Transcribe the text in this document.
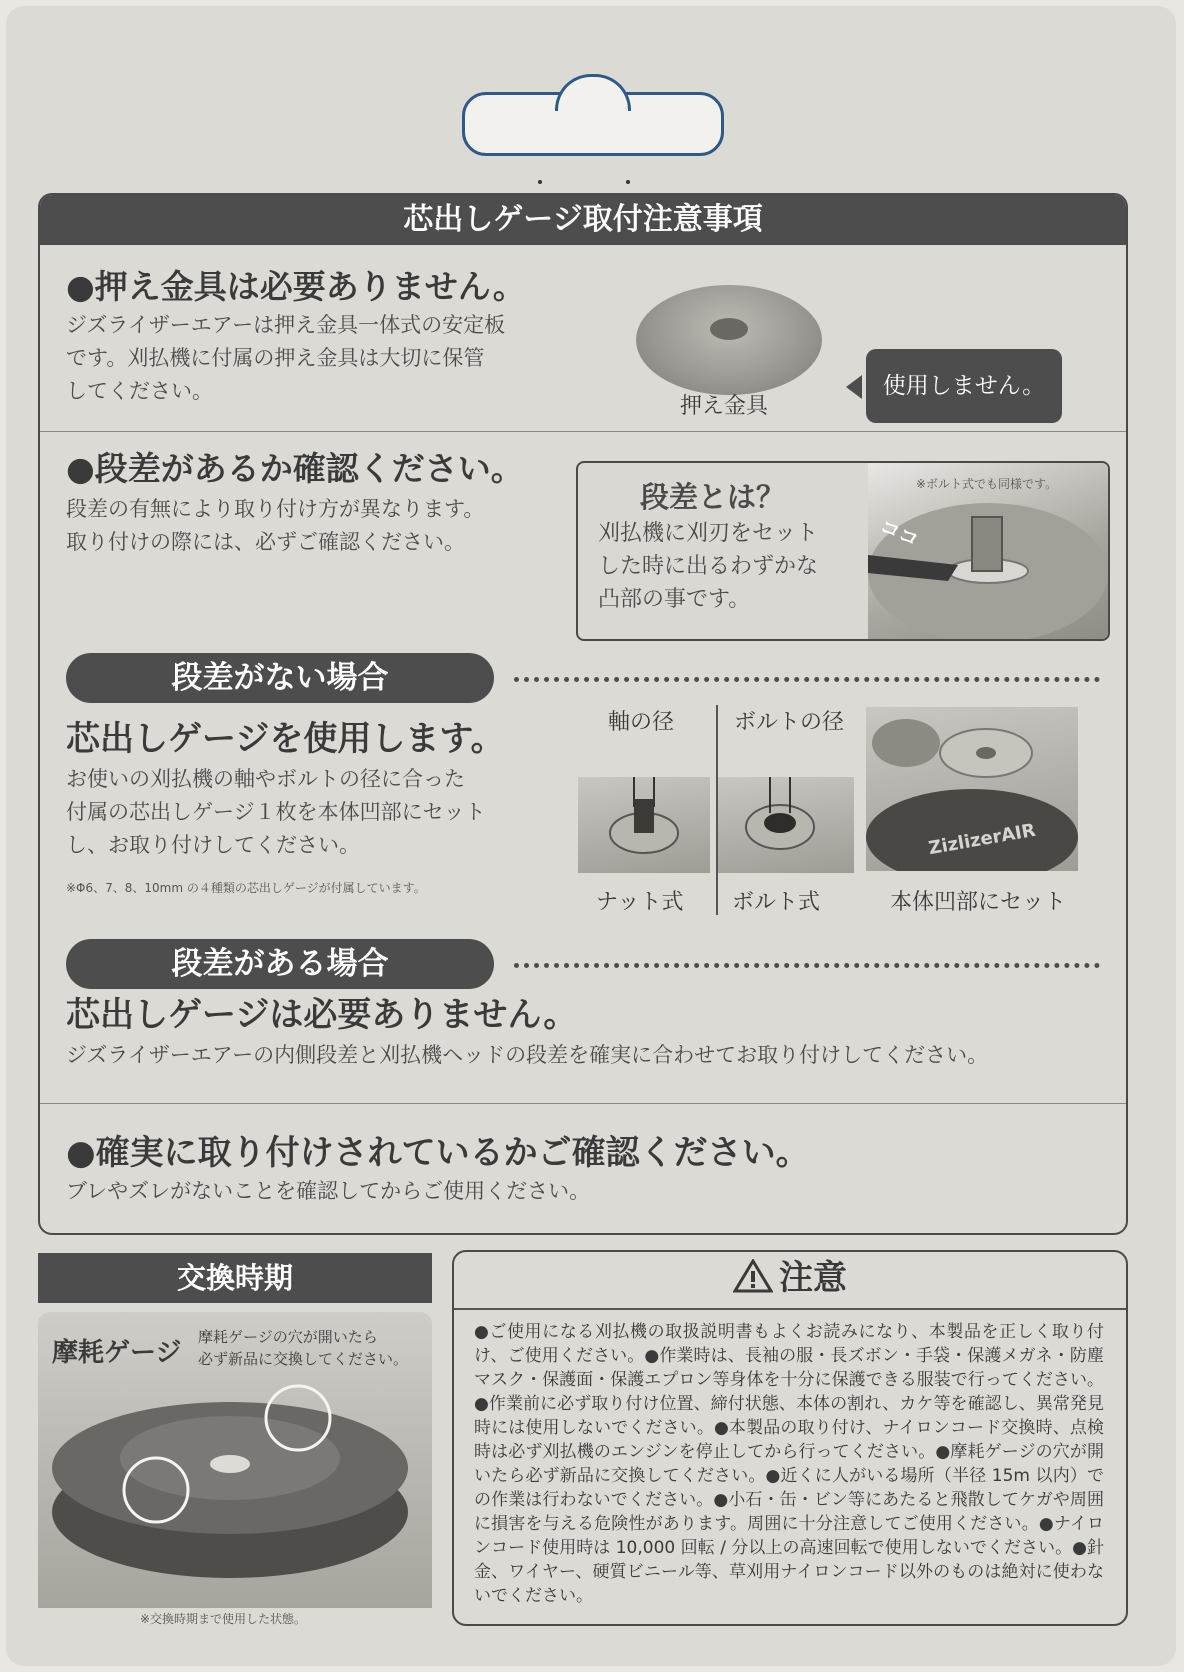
芯出しゲージ取付注意事項
●押え金具は必要ありません。
ジズライザーエアーは押え金具一体式の安定板
です。刈払機に付属の押え金具は大切に保管
してください。
押え金具
使用しません。
●段差があるか確認ください。
段差の有無により取り付け方が異なります。
取り付けの際には、必ずご確認ください。	ココ
段差とは？
刈払機に刈刃をセット
した時に出るわずかな
凸部の事です。
※ボルト式でも同様です。
段差がない場合
芯出しゲージを使用します。
お使いの刈払機の軸やボルトの径に合った
付属の芯出しゲージ１枚を本体凹部にセット
し、お取り付けしてください。
※Φ6、7、8、10mm の４種類の芯出しゲージが付属しています。
軸の径	ボルトの径
ZizlizerAIR
ナット式 ボルト式	本体凹部にセット
段差がある場合
芯出しゲージは必要ありません。
ジズライザーエアーの内側段差と刈払機ヘッドの段差を確実に合わせてお取り付けしてください。
●確実に取り付けされているかご確認ください。
ブレやズレがないことを確認してからご使用ください。
交換時期
摩耗ゲージ
摩耗ゲージの穴が開いたら
必ず新品に交換してください。
※交換時期まで使用した状態。
注意
●ご使用になる刈払機の取扱説明書もよくお読みになり、本製品を正しく取り付け、ご使用ください。●作業時は、長袖の服・長ズボン・手袋・保護メガネ・防塵マスク・保護面・保護エプロン等身体を十分に保護できる服装で行ってください。●作業前に必ず取り付け位置、締付状態、本体の割れ、カケ等を確認し、異常発見時には使用しないでください。●本製品の取り付け、ナイロンコード交換時、点検時は必ず刈払機のエンジンを停止してから行ってください。●摩耗ゲージの穴が開いたら必ず新品に交換してください。●近くに人がいる場所（半径 15m 以内）での作業は行わないでください。●小石・缶・ビン等にあたると飛散してケガや周囲に損害を与える危険性があります。周囲に十分注意してご使用ください。●ナイロンコード使用時は 10,000 回転 / 分以上の高速回転で使用しないでください。●針金、ワイヤー、硬質ビニール等、草刈用ナイロンコード以外のものは絶対に使わないでください。
